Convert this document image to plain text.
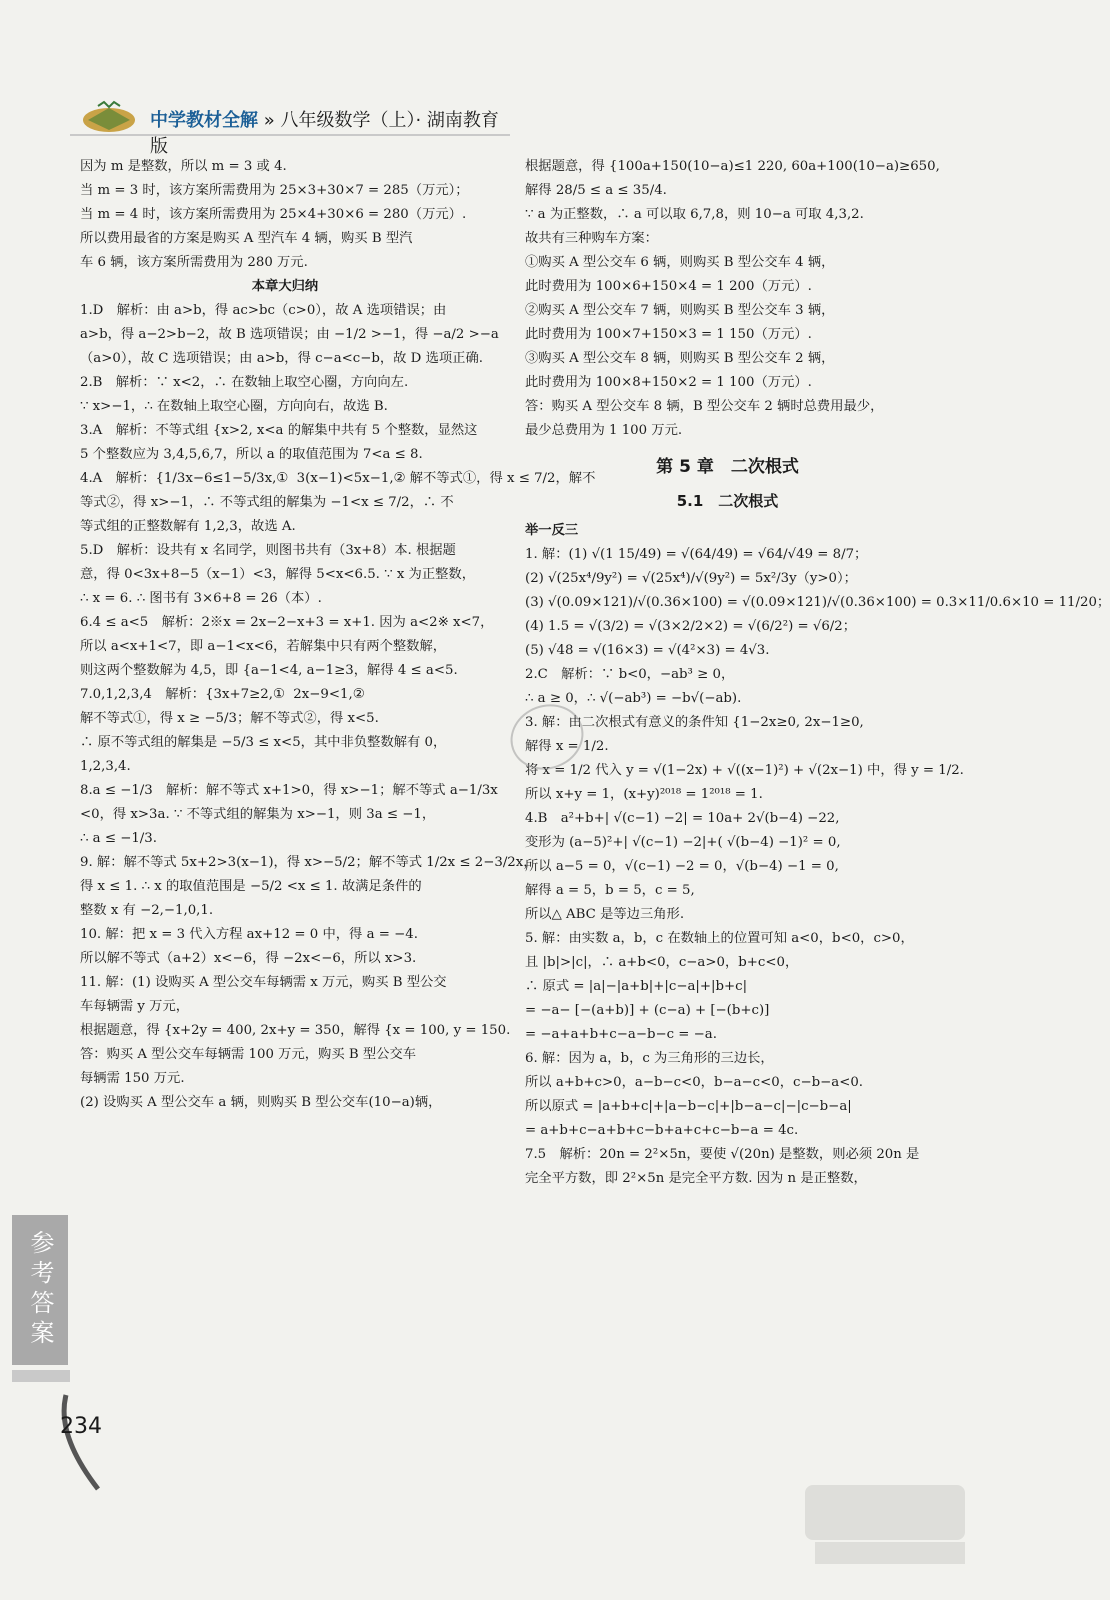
中学教材全解 » 八年级数学（上）· 湖南教育版
因为 m 是整数，所以 m = 3 或 4.
当 m = 3 时，该方案所需费用为 25×3+30×7 = 285（万元）；
当 m = 4 时，该方案所需费用为 25×4+30×6 = 280（万元）.
所以费用最省的方案是购买 A 型汽车 4 辆，购买 B 型汽
车 6 辆，该方案所需费用为 280 万元.
本章大归纳
1.D　解析：由 a>b，得 ac>bc（c>0），故 A 选项错误；由
a>b，得 a−2>b−2，故 B 选项错误；由 −1/2 >−1，得 −a/2 >−a
（a>0），故 C 选项错误；由 a>b，得 c−a<c−b，故 D 选项正确.
2.B　解析：∵ x<2，∴ 在数轴上取空心圈，方向向左.
∵ x>−1，∴ 在数轴上取空心圈，方向向右，故选 B.
3.A　解析：不等式组 {x>2, x<a 的解集中共有 5 个整数，显然这
5 个整数应为 3,4,5,6,7，所以 a 的取值范围为 7<a ≤ 8.
4.A　解析：{1/3x−6≤1−5/3x,①  3(x−1)<5x−1,② 解不等式①，得 x ≤ 7/2，解不
等式②，得 x>−1，∴ 不等式组的解集为 −1<x ≤ 7/2，∴ 不
等式组的正整数解有 1,2,3，故选 A.
5.D　解析：设共有 x 名同学，则图书共有（3x+8）本. 根据题
意，得 0<3x+8−5（x−1）<3，解得 5<x<6.5. ∵ x 为正整数，
∴ x = 6. ∴ 图书有 3×6+8 = 26（本）.
6.4 ≤ a<5　解析：2※x = 2x−2−x+3 = x+1. 因为 a<2※ x<7，
所以 a<x+1<7，即 a−1<x<6，若解集中只有两个整数解，
则这两个整数解为 4,5，即 {a−1<4, a−1≥3，解得 4 ≤ a<5.
7.0,1,2,3,4　解析：{3x+7≥2,①  2x−9<1,②
解不等式①，得 x ≥ −5/3；解不等式②，得 x<5.
∴ 原不等式组的解集是 −5/3 ≤ x<5，其中非负整数解有 0，
1,2,3,4.
8.a ≤ −1/3　解析：解不等式 x+1>0，得 x>−1；解不等式 a−1/3x
<0，得 x>3a. ∵ 不等式组的解集为 x>−1，则 3a ≤ −1，
∴ a ≤ −1/3.
9. 解：解不等式 5x+2>3(x−1)，得 x>−5/2；解不等式 1/2x ≤ 2−3/2x，
得 x ≤ 1. ∴ x 的取值范围是 −5/2 <x ≤ 1. 故满足条件的
整数 x 有 −2,−1,0,1.
10. 解：把 x = 3 代入方程 ax+12 = 0 中，得 a = −4.
所以解不等式（a+2）x<−6，得 −2x<−6，所以 x>3.
11. 解：(1) 设购买 A 型公交车每辆需 x 万元，购买 B 型公交
车每辆需 y 万元，
根据题意，得 {x+2y = 400, 2x+y = 350，解得 {x = 100, y = 150.
答：购买 A 型公交车每辆需 100 万元，购买 B 型公交车
每辆需 150 万元.
(2) 设购买 A 型公交车 a 辆，则购买 B 型公交车(10−a)辆，
根据题意，得 {100a+150(10−a)≤1 220, 60a+100(10−a)≥650,
解得 28/5 ≤ a ≤ 35/4.
∵ a 为正整数，∴ a 可以取 6,7,8，则 10−a 可取 4,3,2.
故共有三种购车方案：
①购买 A 型公交车 6 辆，则购买 B 型公交车 4 辆，
此时费用为 100×6+150×4 = 1 200（万元）.
②购买 A 型公交车 7 辆，则购买 B 型公交车 3 辆，
此时费用为 100×7+150×3 = 1 150（万元）.
③购买 A 型公交车 8 辆，则购买 B 型公交车 2 辆，
此时费用为 100×8+150×2 = 1 100（万元）.
答：购买 A 型公交车 8 辆，B 型公交车 2 辆时总费用最少，
最少总费用为 1 100 万元.
第 5 章　二次根式
5.1　二次根式
举一反三
1. 解：(1) √(1 15/49) = √(64/49) = √64/√49 = 8/7；
(2) √(25x⁴/9y²) = √(25x⁴)/√(9y²) = 5x²/3y（y>0）；
(3) √(0.09×121)/√(0.36×100) = √(0.09×121)/√(0.36×100) = 0.3×11/0.6×10 = 11/20；
(4) 1.5 = √(3/2) = √(3×2/2×2) = √(6/2²) = √6/2；
(5) √48 = √(16×3) = √(4²×3) = 4√3.
2.C　解析：∵ b<0，−ab³ ≥ 0，
∴ a ≥ 0，∴ √(−ab³) = −b√(−ab).
3. 解：由二次根式有意义的条件知 {1−2x≥0, 2x−1≥0,
解得 x = 1/2.
将 x = 1/2 代入 y = √(1−2x) + √((x−1)²) + √(2x−1) 中，得 y = 1/2.
所以 x+y = 1，(x+y)²⁰¹⁸ = 1²⁰¹⁸ = 1.
4.B　a²+b+| √(c−1) −2| = 10a+ 2√(b−4) −22,
变形为 (a−5)²+| √(c−1) −2|+( √(b−4) −1)² = 0,
所以 a−5 = 0，√(c−1) −2 = 0，√(b−4) −1 = 0,
解得 a = 5，b = 5，c = 5,
所以△ ABC 是等边三角形.
5. 解：由实数 a，b，c 在数轴上的位置可知 a<0，b<0，c>0，
且 |b|>|c|，∴ a+b<0，c−a>0，b+c<0，
∴ 原式 = |a|−|a+b|+|c−a|+|b+c|
= −a− [−(a+b)] + (c−a) + [−(b+c)]
= −a+a+b+c−a−b−c = −a.
6. 解：因为 a，b，c 为三角形的三边长，
所以 a+b+c>0，a−b−c<0，b−a−c<0，c−b−a<0.
所以原式 = |a+b+c|+|a−b−c|+|b−a−c|−|c−b−a|
= a+b+c−a+b+c−b+a+c+c−b−a = 4c.
7.5　解析：20n = 2²×5n，要使 √(20n) 是整数，则必须 20n 是
完全平方数，即 2²×5n 是完全平方数. 因为 n 是正整数，
参考答案
234
